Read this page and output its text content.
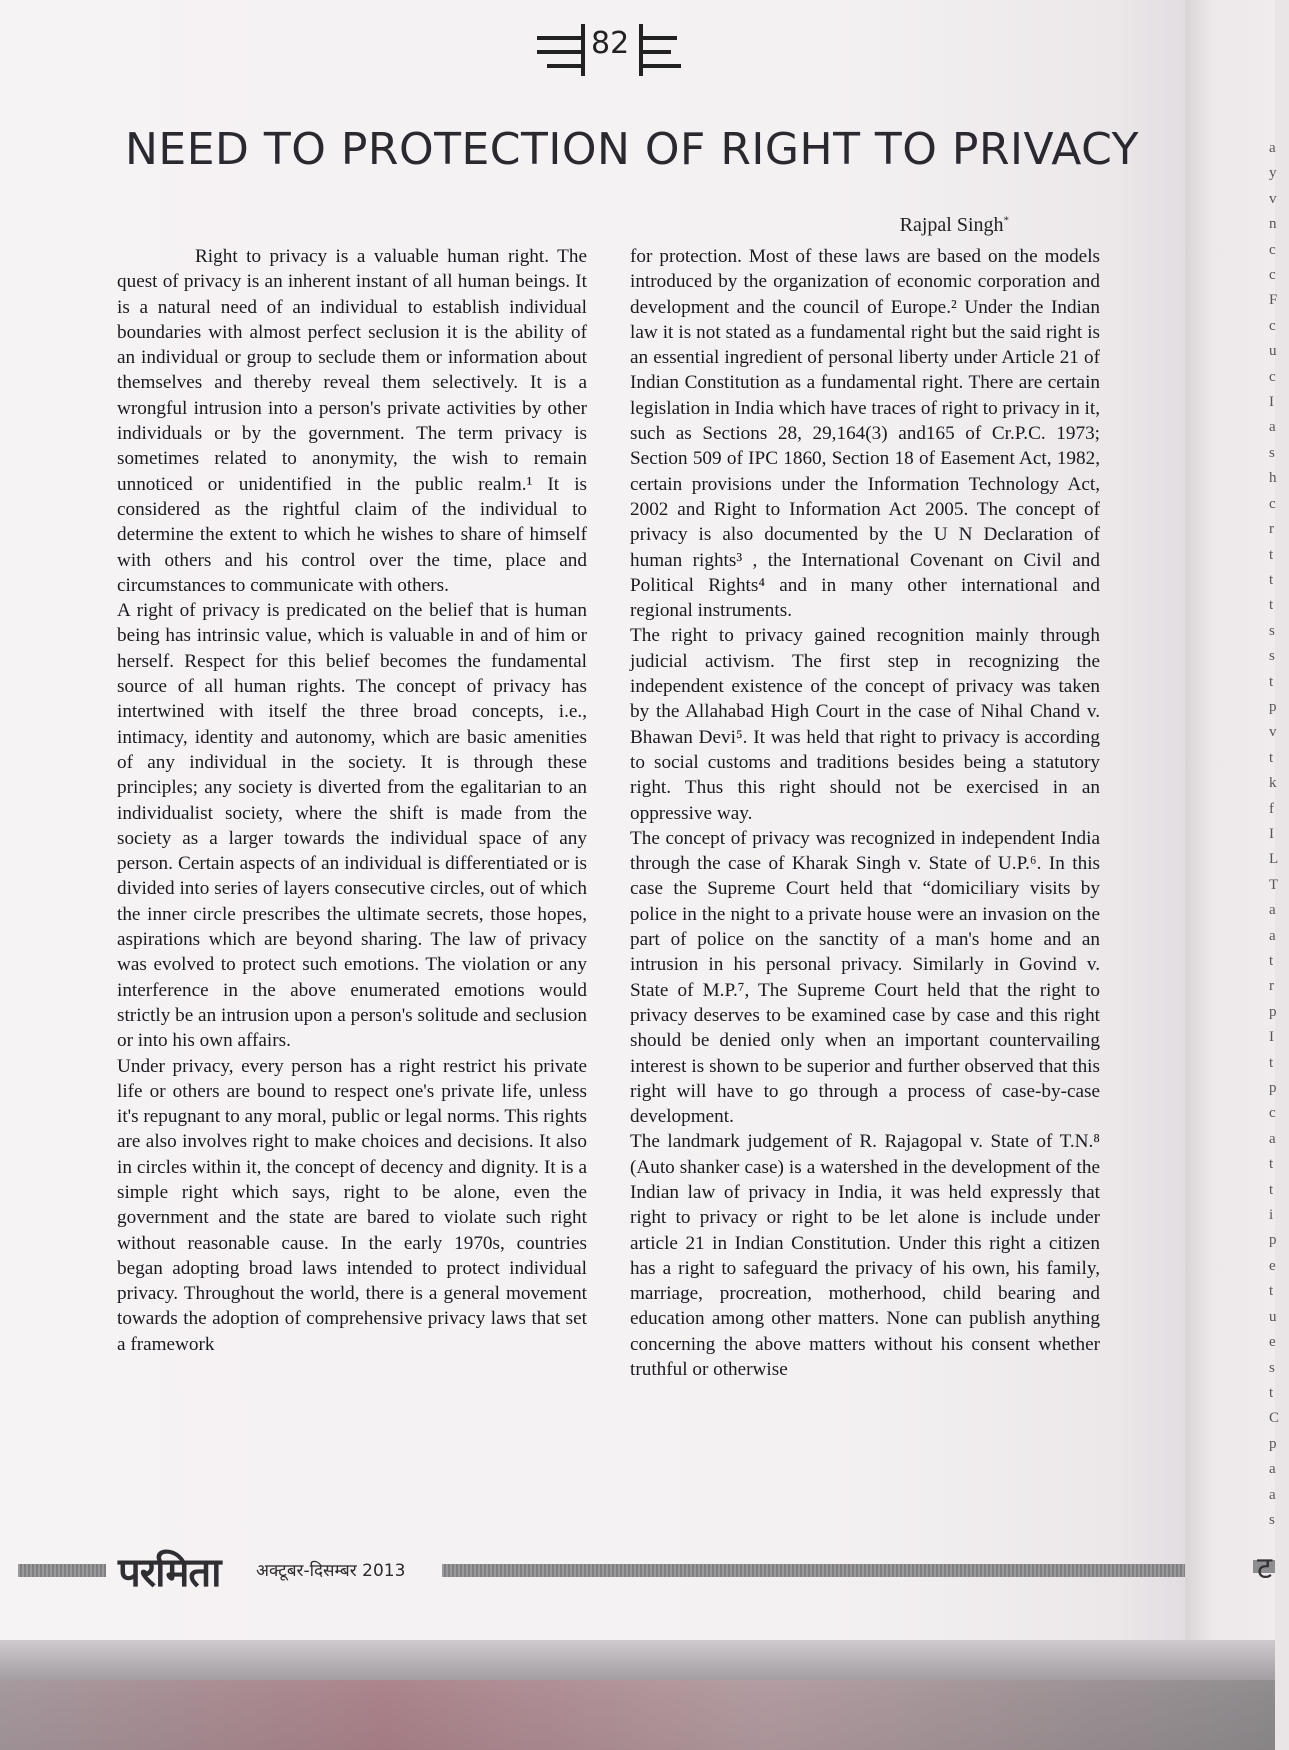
82
NEED TO PROTECTION OF RIGHT TO PRIVACY
Rajpal Singh*

Right to privacy is a valuable human right. The quest of privacy is an inherent instant of all human beings. It is a natural need of an individual to establish individual boundaries with almost perfect seclusion it is the ability of an individual or group to seclude them or information about themselves and thereby reveal them selectively. It is a wrongful intrusion into a person's private activities by other individuals or by the government. The term privacy is sometimes related to anonymity, the wish to remain unnoticed or unidentified in the public realm.¹ It is considered as the rightful claim of the individual to determine the extent to which he wishes to share of himself with others and his control over the time, place and circumstances to communicate with others.

A right of privacy is predicated on the belief that is human being has intrinsic value, which is valuable in and of him or herself. Respect for this belief becomes the fundamental source of all human rights. The concept of privacy has intertwined with itself the three broad concepts, i.e., intimacy, identity and autonomy, which are basic amenities of any individual in the society. It is through these principles; any society is diverted from the egalitarian to an individualist society, where the shift is made from the society as a larger towards the individual space of any person. Certain aspects of an individual is differentiated or is divided into series of layers consecutive circles, out of which the inner circle prescribes the ultimate secrets, those hopes, aspirations which are beyond sharing. The law of privacy was evolved to protect such emotions. The violation or any interference in the above enumerated emotions would strictly be an intrusion upon a person's solitude and seclusion or into his own affairs.

Under privacy, every person has a right restrict his private life or others are bound to respect one's private life, unless it's repugnant to any moral, public or legal norms. This rights are also involves right to make choices and decisions. It also in circles within it, the concept of decency and dignity. It is a simple right which says, right to be alone, even the government and the state are bared to violate such right without reasonable cause. In the early 1970s, countries began adopting broad laws intended to protect individual privacy. Throughout the world, there is a general movement towards the adoption of comprehensive privacy laws that set a framework

for protection. Most of these laws are based on the models introduced by the organization of economic corporation and development and the council of Europe.² Under the Indian law it is not stated as a fundamental right but the said right is an essential ingredient of personal liberty under Article 21 of Indian Constitution as a fundamental right. There are certain legislation in India which have traces of right to privacy in it, such as Sections 28, 29,164(3) and165 of Cr.P.C. 1973; Section 509 of IPC 1860, Section 18 of Easement Act, 1982, certain provisions under the Information Technology Act, 2002 and Right to Information Act 2005. The concept of privacy is also documented by the U N Declaration of human rights³ , the International Covenant on Civil and Political Rights⁴ and in many other international and regional instruments.

The right to privacy gained recognition mainly through judicial activism. The first step in recognizing the independent existence of the concept of privacy was taken by the Allahabad High Court in the case of Nihal Chand v. Bhawan Devi⁵. It was held that right to privacy is according to social customs and traditions besides being a statutory right. Thus this right should not be exercised in an oppressive way.

The concept of privacy was recognized in independent India through the case of Kharak Singh v. State of U.P.⁶. In this case the Supreme Court held that “domiciliary visits by police in the night to a private house were an invasion on the part of police on the sanctity of a man's home and an intrusion in his personal privacy. Similarly in Govind v. State of M.P.⁷, The Supreme Court held that the right to privacy deserves to be examined case by case and this right should be denied only when an important countervailing interest is shown to be superior and further observed that this right will have to go through a process of case-by-case development.

The landmark judgement of R. Rajagopal v. State of T.N.⁸ (Auto shanker case) is a watershed in the development of the Indian law of privacy in India, it was held expressly that right to privacy or right to be let alone is include under article 21 in Indian Constitution. Under this right a citizen has a right to safeguard the privacy of his own, his family, marriage, procreation, motherhood, child bearing and education among other matters. None can publish anything concerning the above matters without his consent whether truthful or otherwise

परमिता अक्टूबर-दिसम्बर 2013
a
y
v
n
c
c
F
c
u
c
I
a
s
h
c
r
t
t
t
s
s
t
p
v
t
k
f
I
L
T
a
a
t
r
p
I
t
p
c
a
t
t
i
p
e
t
u
e
s
t
C
p
a
a
s
ट
